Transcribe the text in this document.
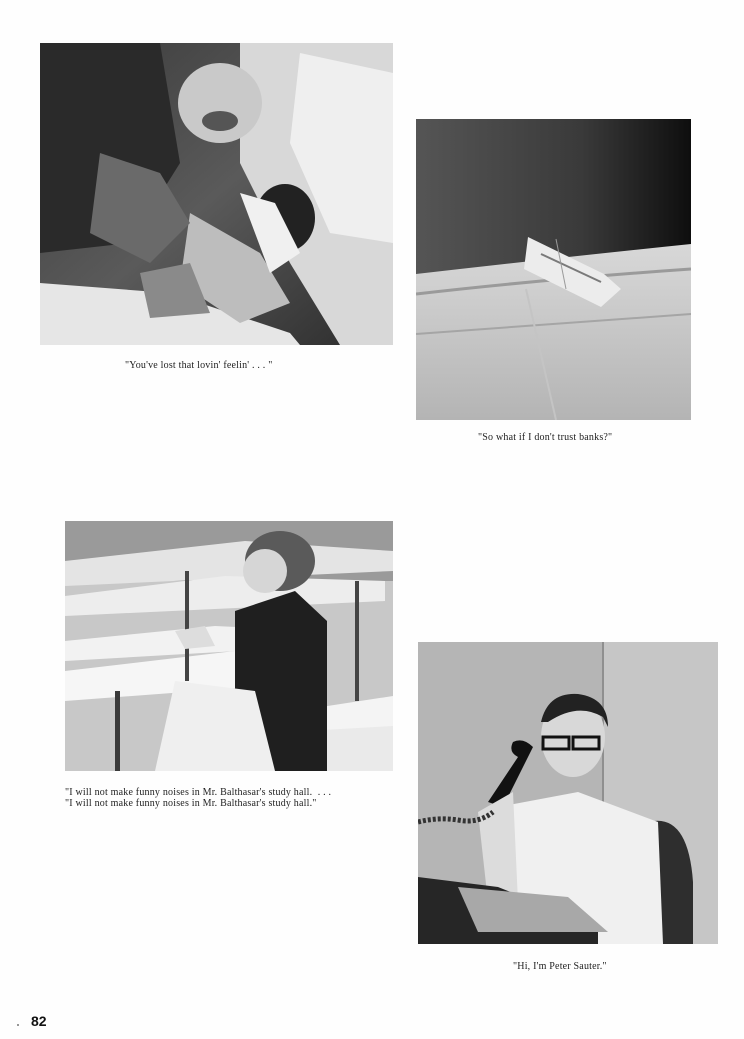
"You've lost that lovin' feelin' . . . "
"So what if I don't trust banks?"
"I will not make funny noises in Mr. Balthasar's study hall.  . . .
"I will not make funny noises in Mr. Balthasar's study hall."
"Hi, I'm Peter Sauter."
82
